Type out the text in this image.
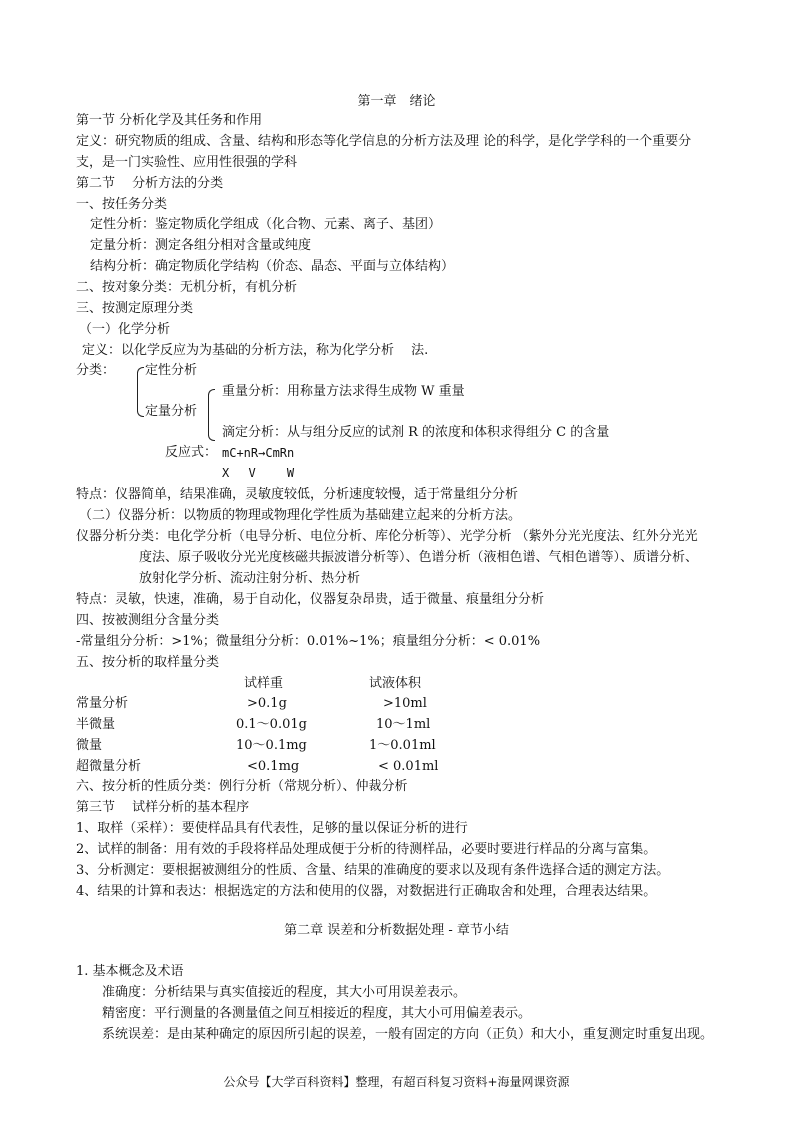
第一章　绪论
第一节 分析化学及其任务和作用
定义：研究物质的组成、含量、结构和形态等化学信息的分析方法及理 论的科学，是化学学科的一个重要分
支，是一门实验性、应用性很强的学科
第二节　 分析方法的分类
一、按任务分类
定性分析：鉴定物质化学组成（化合物、元素、离子、基团）
定量分析：测定各组分相对含量或纯度
结构分析：确定物质化学结构（价态、晶态、平面与立体结构）
二、按对象分类：无机分析，有机分析
三、按测定原理分类
（一）化学分析
定义：以化学反应为为基础的分析方法，称为化学分析　 法.
分类： 定性分析
定量分析
重量分析：用称量方法求得生成物 W 重量
滴定分析：从与组分反应的试剂 R 的浓度和体积求得组分 C 的含量
反应式： mC+nR→CmRn
X　 V　　 W
特点：仪器简单，结果准确，灵敏度较低，分析速度较慢，适于常量组分分析
（二）仪器分析：以物质的物理或物理化学性质为基础建立起来的分析方法。
仪器分析分类：电化学分析（电导分析、电位分析、库伦分析等）、光学分析 （紫外分光光度法、红外分光光
度法、原子吸收分光光度核磁共振波谱分析等）、色谱分析（液相色谱、气相色谱等）、质谱分析、
放射化学分析、流动注射分析、热分析
特点：灵敏，快速，准确，易于自动化，仪器复杂昂贵，适于微量、痕量组分分析
四、按被测组分含量分类
-常量组分分析：>1%；微量组分分析：0.01%~1%；痕量组分分析：< 0.01%
五、按分析的取样量分类
试样重	试液体积
常量分析	>0.1g	>10ml
半微量	0.1～0.01g	10～1ml
微量	10～0.1mg	1～0.01ml
超微量分析	<0.1mg	< 0.01ml
六、按分析的性质分类：例行分析（常规分析）、仲裁分析
第三节　 试样分析的基本程序
1、取样（采样）：要使样品具有代表性，足够的量以保证分析的进行
2、试样的制备：用有效的手段将样品处理成便于分析的待测样品，必要时要进行样品的分离与富集。
3、分析测定：要根据被测组分的性质、含量、结果的准确度的要求以及现有条件选择合适的测定方法。
4、结果的计算和表达：根据选定的方法和使用的仪器，对数据进行正确取舍和处理，合理表达结果。
第二章 误差和分析数据处理 - 章节小结
1. 基本概念及术语
准确度：分析结果与真实值接近的程度，其大小可用误差表示。
精密度：平行测量的各测量值之间互相接近的程度，其大小可用偏差表示。
系统误差：是由某种确定的原因所引起的误差，一般有固定的方向（正负）和大小，重复测定时重复出现。
公众号【大学百科资料】整理，有超百科复习资料+海量网课资源
